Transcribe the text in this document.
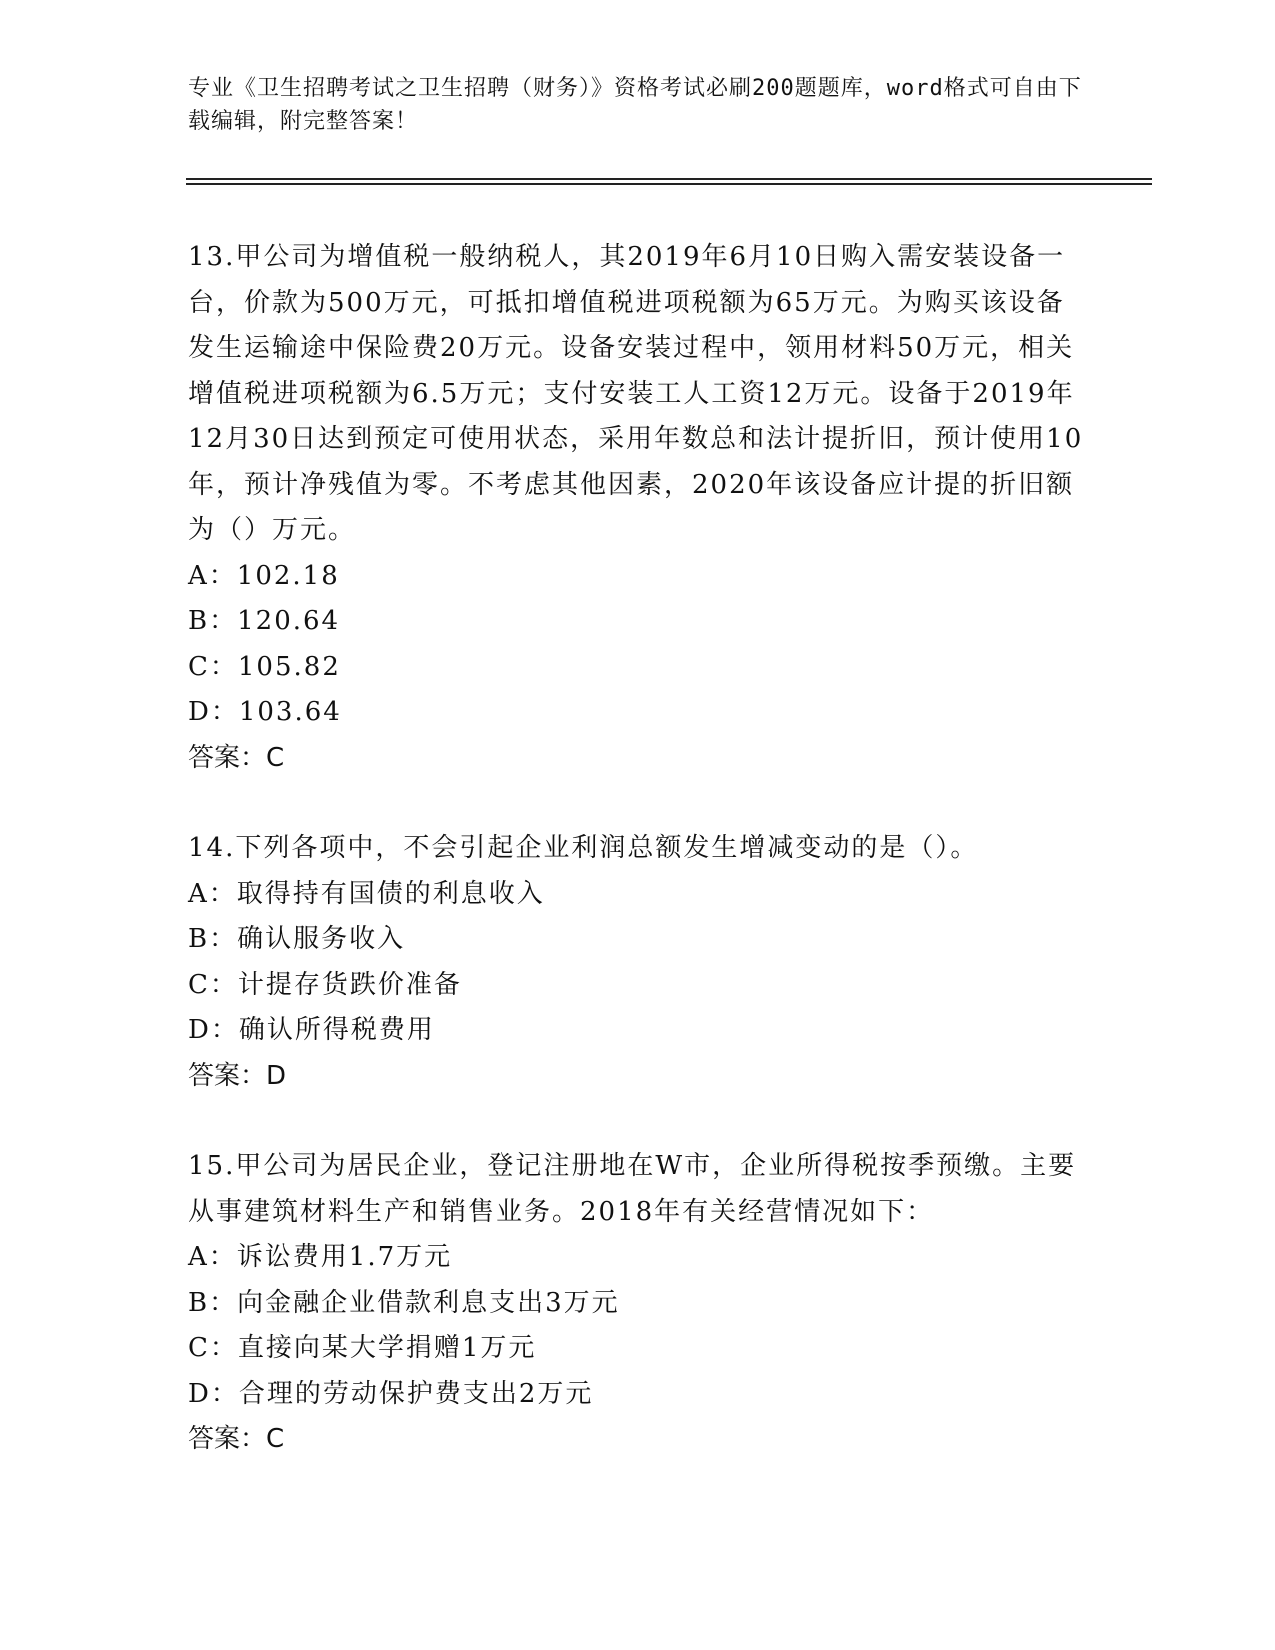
专业《卫生招聘考试之卫生招聘（财务）》资格考试必刷200题题库，word格式可自由下载编辑，附完整答案！

13.甲公司为增值税一般纳税人，其2019年6月10日购入需安装设备一台，价款为500万元，可抵扣增值税进项税额为65万元。为购买该设备发生运输途中保险费20万元。设备安装过程中，领用材料50万元，相关增值税进项税额为6.5万元；支付安装工人工资12万元。设备于2019年12月30日达到预定可使用状态，采用年数总和法计提折旧，预计使用10年，预计净残值为零。不考虑其他因素，2020年该设备应计提的折旧额为（）万元。

A：102.18

B：120.64

C：105.82

D：103.64

答案：C

14.下列各项中，不会引起企业利润总额发生增减变动的是（）。

A：取得持有国债的利息收入

B：确认服务收入

C：计提存货跌价准备

D：确认所得税费用

答案：D

15.甲公司为居民企业，登记注册地在W市，企业所得税按季预缴。主要从事建筑材料生产和销售业务。2018年有关经营情况如下：

A：诉讼费用1.7万元

B：向金融企业借款利息支出3万元

C：直接向某大学捐赠1万元

D：合理的劳动保护费支出2万元

答案：C
